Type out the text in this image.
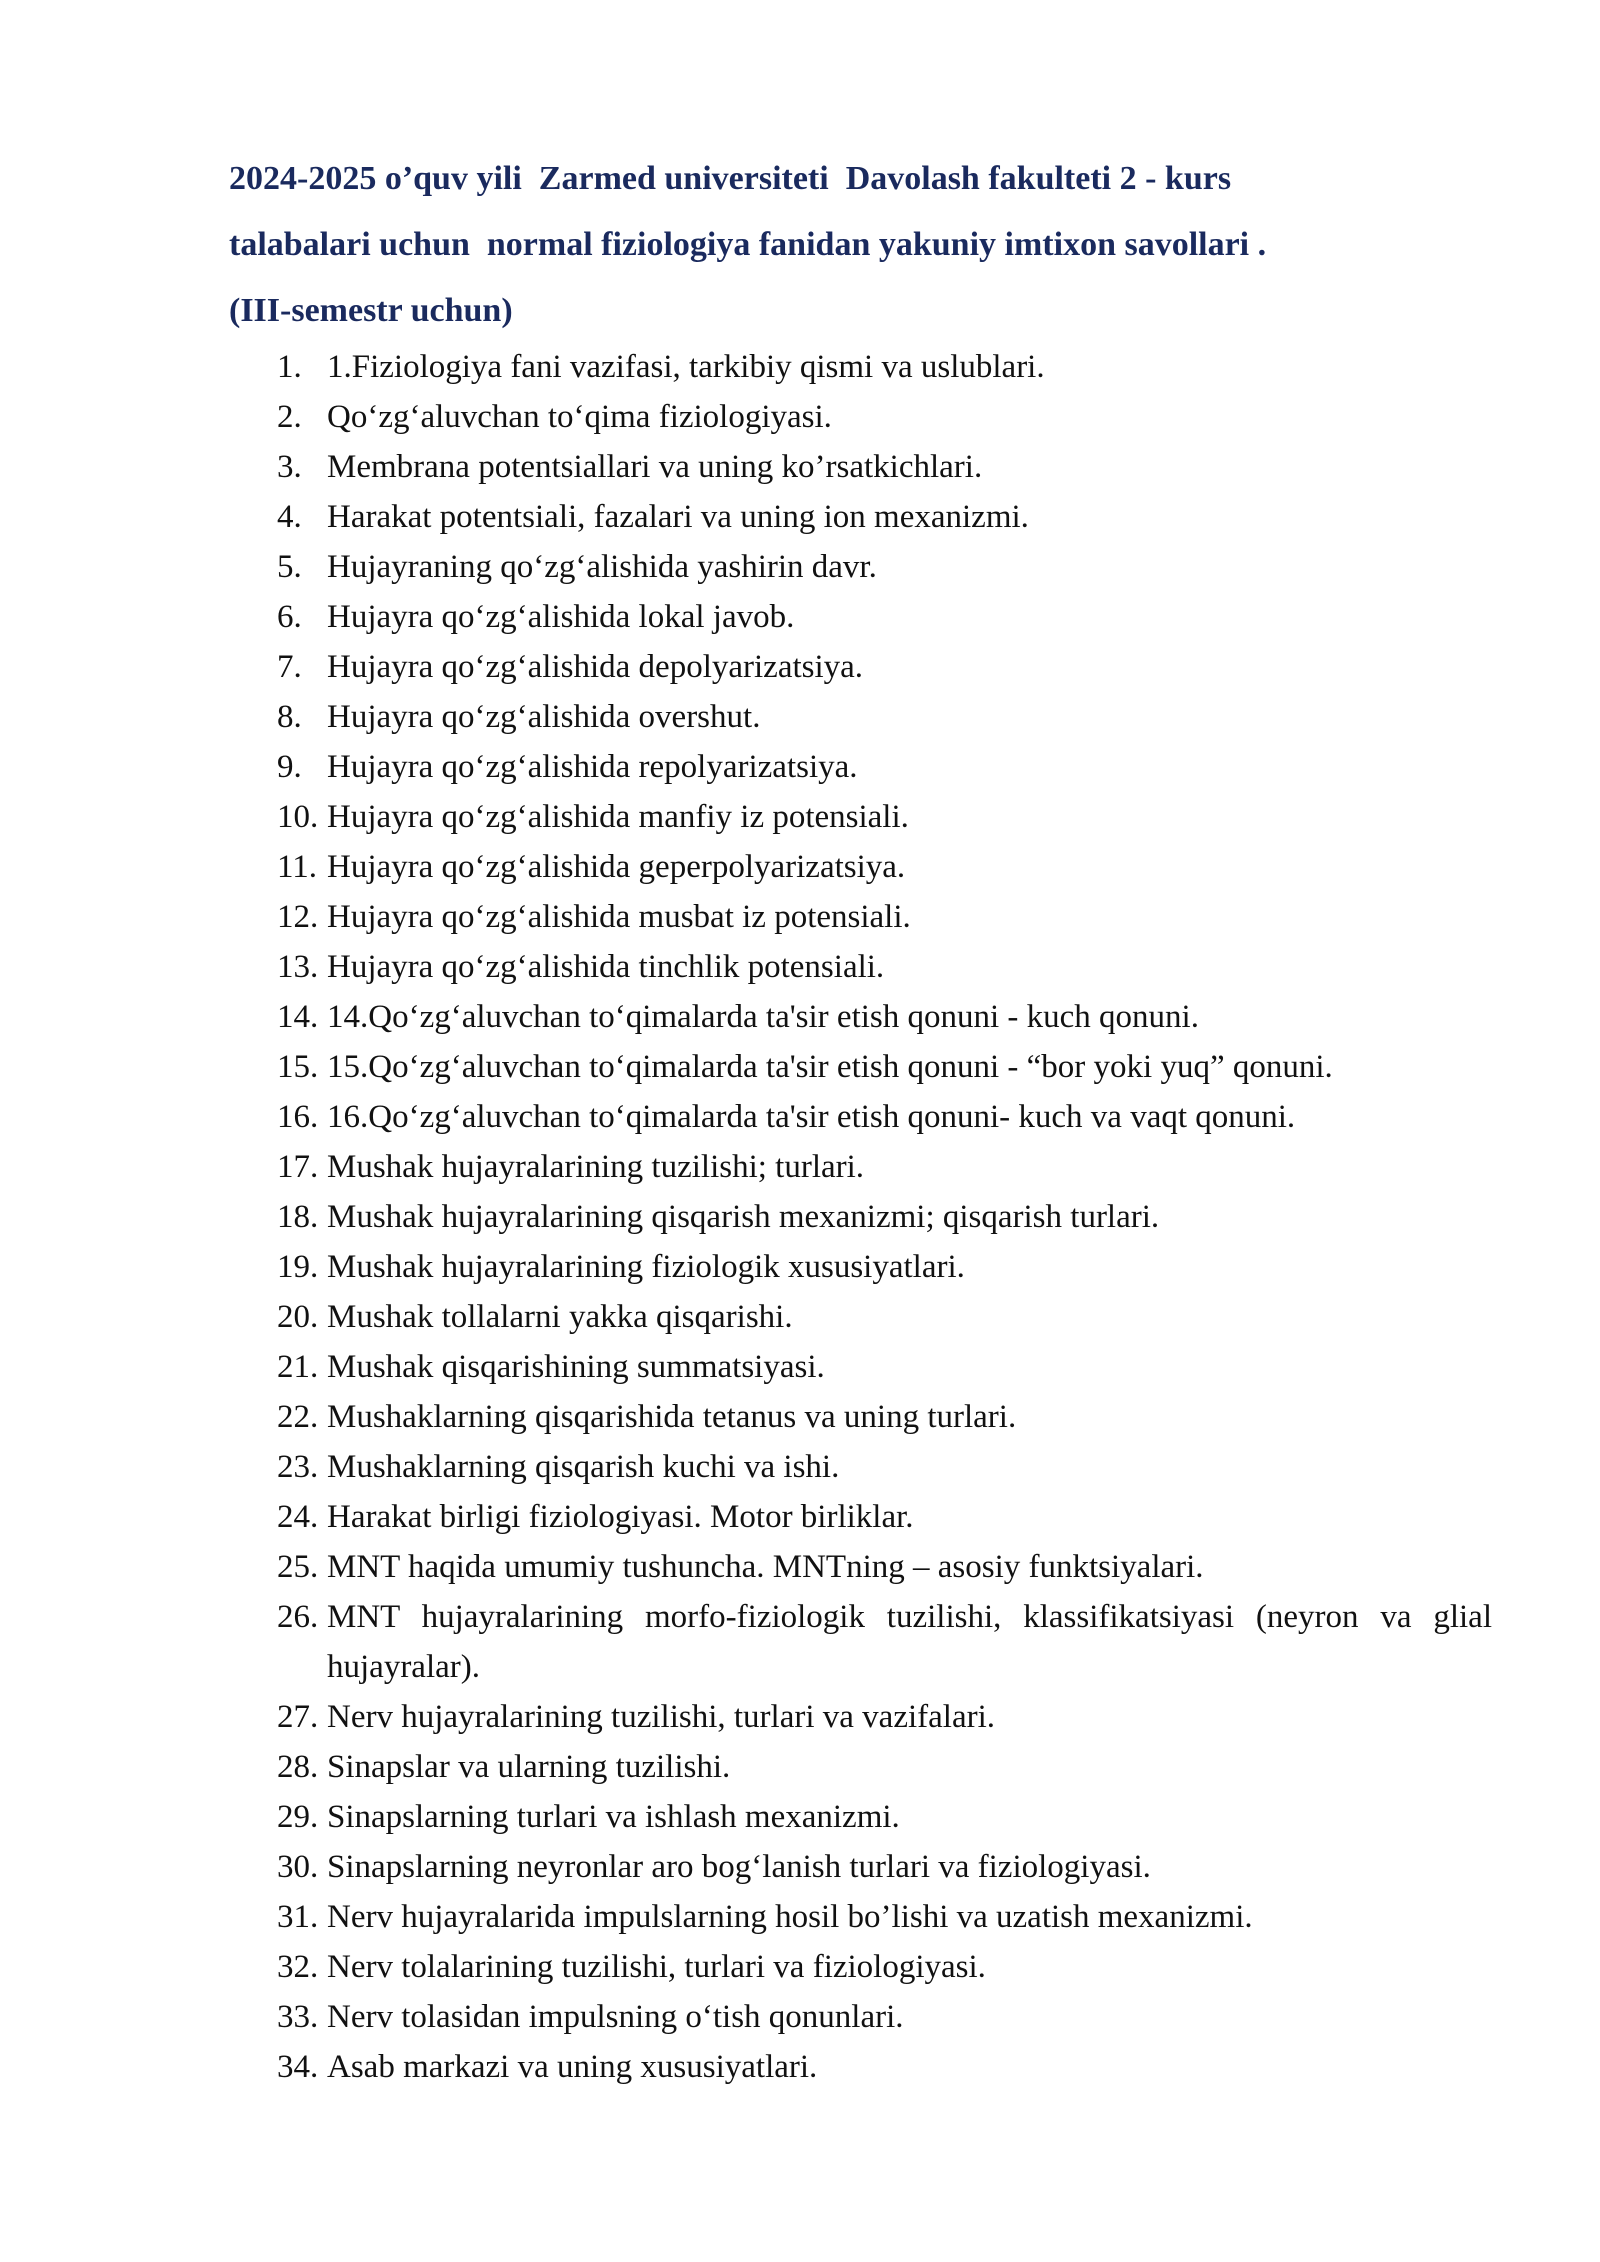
2024-2025 o’quv yili  Zarmed universiteti  Davolash fakulteti 2 - kurs
talabalari uchun  normal fiziologiya fanidan yakuniy imtixon savollari .
(III-semestr uchun)
1. 1.Fiziologiya fani vazifasi, tarkibiy qismi va uslublari.
2. Qo‘zg‘aluvchan to‘qima fiziologiyasi.
3. Membrana potentsiallari va uning ko’rsatkichlari.
4. Harakat potentsiali, fazalari va uning ion mexanizmi.
5. Hujayraning qo‘zg‘alishida yashirin davr.
6. Hujayra qo‘zg‘alishida lokal javob.
7. Hujayra qo‘zg‘alishida depolyarizatsiya.
8. Hujayra qo‘zg‘alishida overshut.
9. Hujayra qo‘zg‘alishida repolyarizatsiya.
10. Hujayra qo‘zg‘alishida manfiy iz potensiali.
11. Hujayra qo‘zg‘alishida geperpolyarizatsiya.
12. Hujayra qo‘zg‘alishida musbat iz potensiali.
13. Hujayra qo‘zg‘alishida tinchlik potensiali.
14. 14.Qo‘zg‘aluvchan to‘qimalarda ta'sir etish qonuni - kuch qonuni.
15. 15.Qo‘zg‘aluvchan to‘qimalarda ta'sir etish qonuni - “bor yoki yuq” qonuni.
16. 16.Qo‘zg‘aluvchan to‘qimalarda ta'sir etish qonuni- kuch va vaqt qonuni.
17. Mushak hujayralarining tuzilishi; turlari.
18. Mushak hujayralarining qisqarish mexanizmi; qisqarish turlari.
19. Mushak hujayralarining fiziologik xususiyatlari.
20. Mushak tollalarni yakka qisqarishi.
21. Mushak qisqarishining summatsiyasi.
22. Mushaklarning qisqarishida tetanus va uning turlari.
23. Mushaklarning qisqarish kuchi va ishi.
24. Harakat birligi fiziologiyasi. Motor birliklar.
25. MNT haqida umumiy tushuncha. MNTning – asosiy funktsiyalari.
26. MNT hujayralarining morfo-fiziologik tuzilishi, klassifikatsiyasi (neyron va glial hujayralar).
27. Nerv hujayralarining tuzilishi, turlari va vazifalari.
28. Sinapslar va ularning tuzilishi.
29. Sinapslarning turlari va ishlash mexanizmi.
30. Sinapslarning neyronlar aro bog‘lanish turlari va fiziologiyasi.
31. Nerv hujayralarida impulslarning hosil bo’lishi va uzatish mexanizmi.
32. Nerv tolalarining tuzilishi, turlari va fiziologiyasi.
33. Nerv tolasidan impulsning o‘tish qonunlari.
34. Asab markazi va uning xususiyatlari.
